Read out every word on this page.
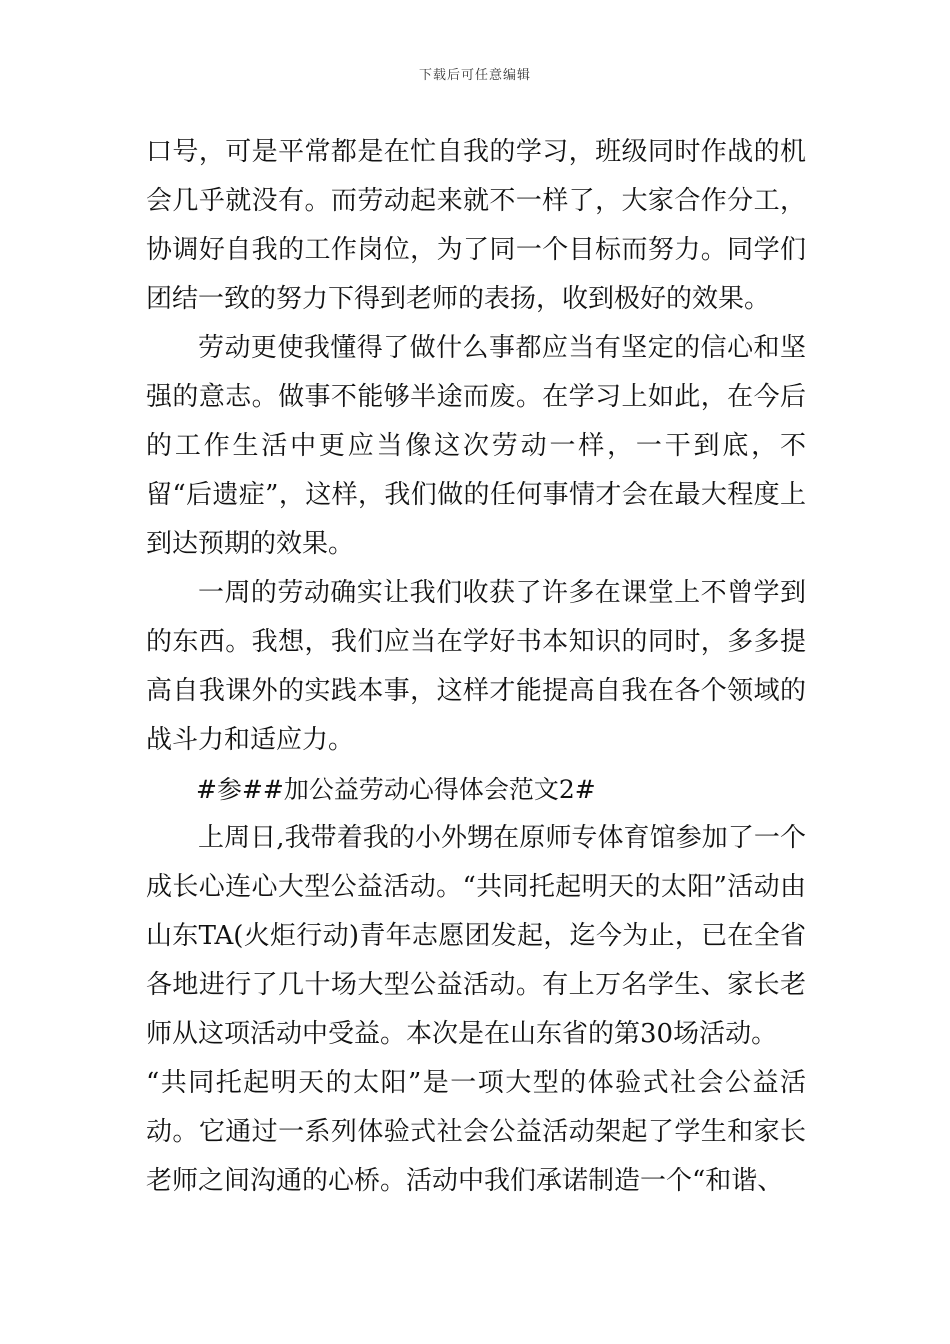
下载后可任意编辑

口号，可是平常都是在忙自我的学习，班级同时作战的机会几乎就没有。而劳动起来就不一样了，大家合作分工，协调好自我的工作岗位，为了同一个目标而努力。同学们团结一致的努力下得到老师的表扬，收到极好的效果。

劳动更使我懂得了做什么事都应当有坚定的信心和坚强的意志。做事不能够半途而废。在学习上如此，在今后的工作生活中更应当像这次劳动一样，一干到底，不留“后遗症”，这样，我们做的任何事情才会在最大程度上到达预期的效果。

一周的劳动确实让我们收获了许多在课堂上不曾学到的东西。我想，我们应当在学好书本知识的同时，多多提高自我课外的实践本事，这样才能提高自我在各个领域的战斗力和适应力。

#参##加公益劳动心得体会范文2#

上周日,我带着我的小外甥在原师专体育馆参加了一个成长心连心大型公益活动。“共同托起明天的太阳”活动由山东TA(火炬行动)青年志愿团发起，迄今为止，已在全省各地进行了几十场大型公益活动。有上万名学生、家长老师从这项活动中受益。本次是在山东省的第30场活动。

“共同托起明天的太阳”是一项大型的体验式社会公益活动。它通过一系列体验式社会公益活动架起了学生和家长老师之间沟通的心桥。活动中我们承诺制造一个“和谐、
